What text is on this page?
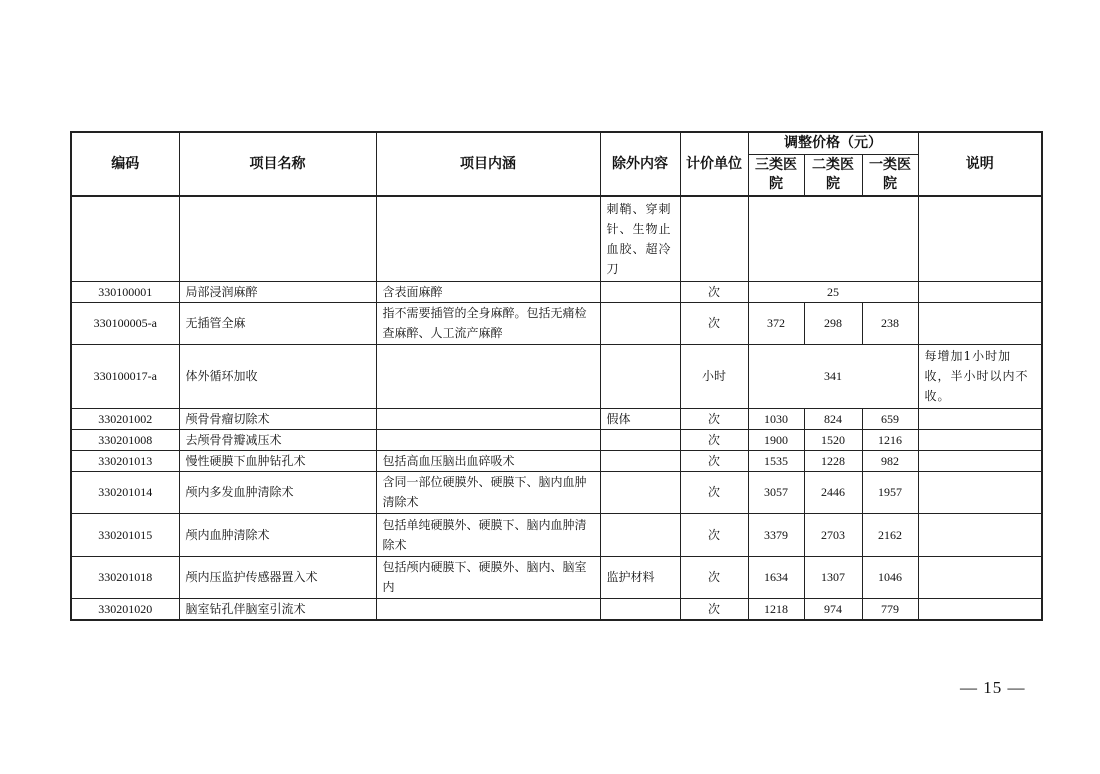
编码	项目名称	项目内涵	除外内容	计价单位	调整价格（元）			说明
					三类医院	二类医院	一类医院	
			刺鞘、穿刺针、生物止血胶、超冷刀					
330100001	局部浸润麻醉	含表面麻醉		次	25			
330100005-a	无插管全麻	指不需要插管的全身麻醉。包括无痛检查麻醉、人工流产麻醉		次	372	298	238	
330100017-a	体外循环加收			小时	341			每增加1小时加收，半小时以内不收。
330201002	颅骨骨瘤切除术		假体	次	1030	824	659	
330201008	去颅骨骨瓣减压术			次	1900	1520	1216	
330201013	慢性硬膜下血肿钻孔术	包括高血压脑出血碎吸术		次	1535	1228	982	
330201014	颅内多发血肿清除术	含同一部位硬膜外、硬膜下、脑内血肿清除术		次	3057	2446	1957	
330201015	颅内血肿清除术	包括单纯硬膜外、硬膜下、脑内血肿清除术		次	3379	2703	2162	
330201018	颅内压监护传感器置入术	包括颅内硬膜下、硬膜外、脑内、脑室内	监护材料	次	1634	1307	1046	
330201020	脑室钻孔伴脑室引流术			次	1218	974	779	
— 15 —
